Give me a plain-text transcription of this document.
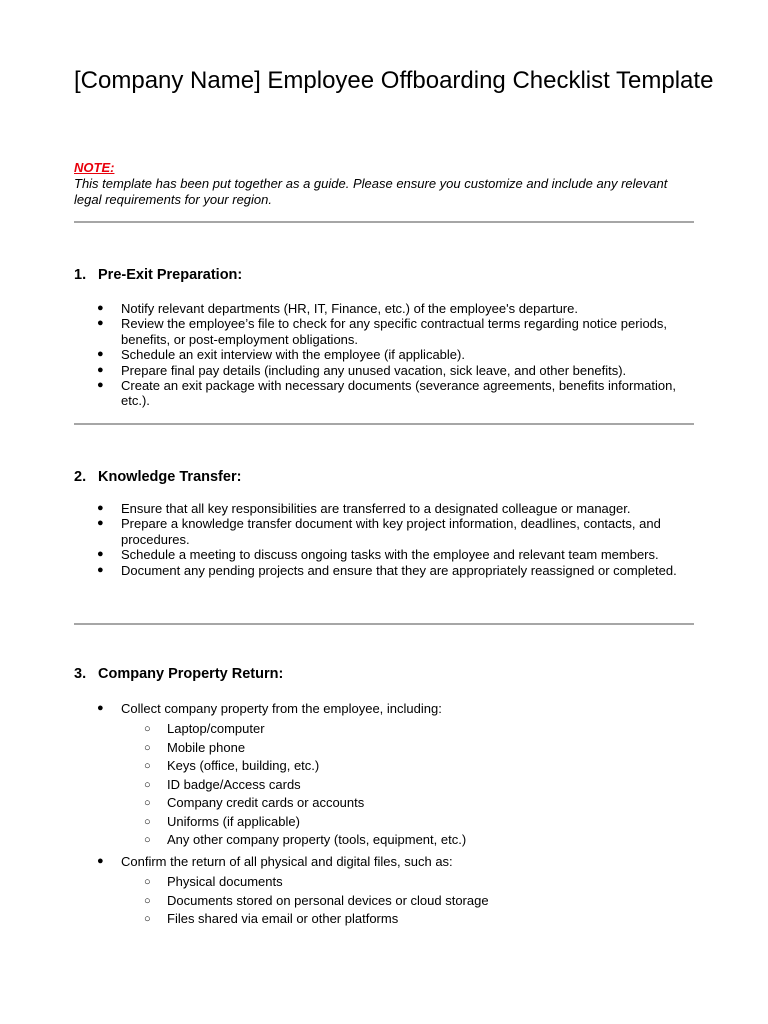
[Company Name] Employee Offboarding Checklist Template

NOTE:

This template has been put together as a guide. Please ensure you customize and include any relevant legal requirements for your region.

1. Pre-Exit Preparation:
● Notify relevant departments (HR, IT, Finance, etc.) of the employee's departure.
● Review the employee’s file to check for any specific contractual terms regarding notice periods, benefits, or post-employment obligations.
● Schedule an exit interview with the employee (if applicable).
● Prepare final pay details (including any unused vacation, sick leave, and other benefits).
● Create an exit package with necessary documents (severance agreements, benefits information, etc.).
2. Knowledge Transfer:
● Ensure that all key responsibilities are transferred to a designated colleague or manager.
● Prepare a knowledge transfer document with key project information, deadlines, contacts, and procedures.
● Schedule a meeting to discuss ongoing tasks with the employee and relevant team members.
● Document any pending projects and ensure that they are appropriately reassigned or completed.
3. Company Property Return:
● Collect company property from the employee, including:
○ Laptop/computer
○ Mobile phone
○ Keys (office, building, etc.)
○ ID badge/Access cards
○ Company credit cards or accounts
○ Uniforms (if applicable)
○ Any other company property (tools, equipment, etc.)
● Confirm the return of all physical and digital files, such as:
○ Physical documents
○ Documents stored on personal devices or cloud storage
○ Files shared via email or other platforms
